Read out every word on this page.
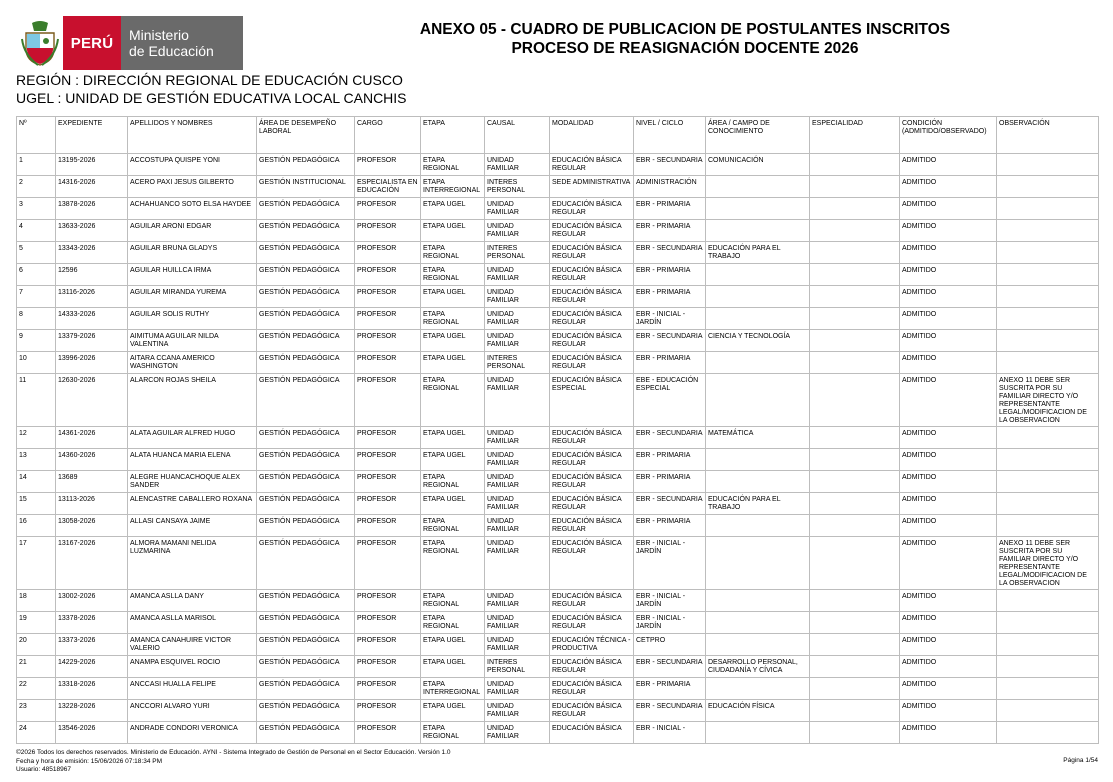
PERÚ	Ministerio
de Educación
ANEXO 05 - CUADRO DE PUBLICACION DE POSTULANTES INSCRITOS
PROCESO DE REASIGNACIÓN DOCENTE 2026
REGIÓN : DIRECCIÓN REGIONAL DE EDUCACIÓN CUSCO
UGEL : UNIDAD DE GESTIÓN EDUCATIVA LOCAL CANCHIS
Nº	EXPEDIENTE	APELLIDOS Y NOMBRES	ÁREA DE DESEMPEÑO LABORAL	CARGO	ETAPA	CAUSAL	MODALIDAD	NIVEL / CICLO	ÁREA / CAMPO DE CONOCIMIENTO	ESPECIALIDAD	CONDICIÓN (ADMITIDO/OBSERVADO)	OBSERVACIÓN
1	13195-2026	ACCOSTUPA QUISPE YONI	GESTIÓN PEDAGÓGICA	PROFESOR	ETAPA REGIONAL	UNIDAD FAMILIAR	EDUCACIÓN BÁSICA REGULAR	EBR - SECUNDARIA	COMUNICACIÓN		ADMITIDO	
2	14316-2026	ACERO PAXI JESUS GILBERTO	GESTIÓN INSTITUCIONAL	ESPECIALISTA EN EDUCACIÓN	ETAPA INTERREGIONAL	INTERES PERSONAL	SEDE ADMINISTRATIVA	ADMINISTRACIÓN			ADMITIDO	
3	13878-2026	ACHAHUANCO SOTO ELSA HAYDEE	GESTIÓN PEDAGÓGICA	PROFESOR	ETAPA UGEL	UNIDAD FAMILIAR	EDUCACIÓN BÁSICA REGULAR	EBR - PRIMARIA			ADMITIDO	
4	13633-2026	AGUILAR ARONI EDGAR	GESTIÓN PEDAGÓGICA	PROFESOR	ETAPA UGEL	UNIDAD FAMILIAR	EDUCACIÓN BÁSICA REGULAR	EBR - PRIMARIA			ADMITIDO	
5	13343-2026	AGUILAR BRUNA GLADYS	GESTIÓN PEDAGÓGICA	PROFESOR	ETAPA REGIONAL	INTERES PERSONAL	EDUCACIÓN BÁSICA REGULAR	EBR - SECUNDARIA	EDUCACIÓN PARA EL TRABAJO		ADMITIDO	
6	12596	AGUILAR HUILLCA IRMA	GESTIÓN PEDAGÓGICA	PROFESOR	ETAPA REGIONAL	UNIDAD FAMILIAR	EDUCACIÓN BÁSICA REGULAR	EBR - PRIMARIA			ADMITIDO	
7	13116-2026	AGUILAR MIRANDA YUREMA	GESTIÓN PEDAGÓGICA	PROFESOR	ETAPA UGEL	UNIDAD FAMILIAR	EDUCACIÓN BÁSICA REGULAR	EBR - PRIMARIA			ADMITIDO	
8	14333-2026	AGUILAR SOLIS RUTHY	GESTIÓN PEDAGÓGICA	PROFESOR	ETAPA REGIONAL	UNIDAD FAMILIAR	EDUCACIÓN BÁSICA REGULAR	EBR - INICIAL - JARDÍN			ADMITIDO	
9	13379-2026	AIMITUMA AGUILAR NILDA VALENTINA	GESTIÓN PEDAGÓGICA	PROFESOR	ETAPA UGEL	UNIDAD FAMILIAR	EDUCACIÓN BÁSICA REGULAR	EBR - SECUNDARIA	CIENCIA Y TECNOLOGÍA		ADMITIDO	
10	13996-2026	AITARA CCANA AMERICO WASHINGTON	GESTIÓN PEDAGÓGICA	PROFESOR	ETAPA UGEL	INTERES PERSONAL	EDUCACIÓN BÁSICA REGULAR	EBR - PRIMARIA			ADMITIDO	
11	12630-2026	ALARCON ROJAS SHEILA	GESTIÓN PEDAGÓGICA	PROFESOR	ETAPA REGIONAL	UNIDAD FAMILIAR	EDUCACIÓN BÁSICA ESPECIAL	EBE - EDUCACIÓN ESPECIAL			ADMITIDO	ANEXO 11 DEBE SER SUSCRITA POR SU FAMILIAR DIRECTO Y/O REPRESENTANTE LEGAL/MODIFICACION DE LA OBSERVACION
12	14361-2026	ALATA AGUILAR ALFRED HUGO	GESTIÓN PEDAGÓGICA	PROFESOR	ETAPA UGEL	UNIDAD FAMILIAR	EDUCACIÓN BÁSICA REGULAR	EBR - SECUNDARIA	MATEMÁTICA		ADMITIDO	
13	14360-2026	ALATA HUANCA MARIA ELENA	GESTIÓN PEDAGÓGICA	PROFESOR	ETAPA UGEL	UNIDAD FAMILIAR	EDUCACIÓN BÁSICA REGULAR	EBR - PRIMARIA			ADMITIDO	
14	13689	ALEGRE HUANCACHOQUE ALEX SANDER	GESTIÓN PEDAGÓGICA	PROFESOR	ETAPA REGIONAL	UNIDAD FAMILIAR	EDUCACIÓN BÁSICA REGULAR	EBR - PRIMARIA			ADMITIDO	
15	13113-2026	ALENCASTRE CABALLERO ROXANA	GESTIÓN PEDAGÓGICA	PROFESOR	ETAPA UGEL	UNIDAD FAMILIAR	EDUCACIÓN BÁSICA REGULAR	EBR - SECUNDARIA	EDUCACIÓN PARA EL TRABAJO		ADMITIDO	
16	13058-2026	ALLASI CANSAYA JAIME	GESTIÓN PEDAGÓGICA	PROFESOR	ETAPA REGIONAL	UNIDAD FAMILIAR	EDUCACIÓN BÁSICA REGULAR	EBR - PRIMARIA			ADMITIDO	
17	13167-2026	ALMORA MAMANI NELIDA LUZMARINA	GESTIÓN PEDAGÓGICA	PROFESOR	ETAPA REGIONAL	UNIDAD FAMILIAR	EDUCACIÓN BÁSICA REGULAR	EBR - INICIAL - JARDÍN			ADMITIDO	ANEXO 11 DEBE SER SUSCRITA POR SU FAMILIAR DIRECTO Y/O REPRESENTANTE LEGAL/MODIFICACION DE LA OBSERVACION
18	13002-2026	AMANCA ASLLA DANY	GESTIÓN PEDAGÓGICA	PROFESOR	ETAPA REGIONAL	UNIDAD FAMILIAR	EDUCACIÓN BÁSICA REGULAR	EBR - INICIAL - JARDÍN			ADMITIDO	
19	13378-2026	AMANCA ASLLA MARISOL	GESTIÓN PEDAGÓGICA	PROFESOR	ETAPA REGIONAL	UNIDAD FAMILIAR	EDUCACIÓN BÁSICA REGULAR	EBR - INICIAL - JARDÍN			ADMITIDO	
20	13373-2026	AMANCA CANAHUIRE VICTOR VALERIO	GESTIÓN PEDAGÓGICA	PROFESOR	ETAPA UGEL	UNIDAD FAMILIAR	EDUCACIÓN TÉCNICA - PRODUCTIVA	CETPRO			ADMITIDO	
21	14229-2026	ANAMPA ESQUIVEL ROCIO	GESTIÓN PEDAGÓGICA	PROFESOR	ETAPA UGEL	INTERES PERSONAL	EDUCACIÓN BÁSICA REGULAR	EBR - SECUNDARIA	DESARROLLO PERSONAL, CIUDADANÍA Y CÍVICA		ADMITIDO	
22	13318-2026	ANCCASI HUALLA FELIPE	GESTIÓN PEDAGÓGICA	PROFESOR	ETAPA INTERREGIONAL	UNIDAD FAMILIAR	EDUCACIÓN BÁSICA REGULAR	EBR - PRIMARIA			ADMITIDO	
23	13228-2026	ANCCORI ALVARO YURI	GESTIÓN PEDAGÓGICA	PROFESOR	ETAPA UGEL	UNIDAD FAMILIAR	EDUCACIÓN BÁSICA REGULAR	EBR - SECUNDARIA	EDUCACIÓN FÍSICA		ADMITIDO	
24	13546-2026	ANDRADE CONDORI VERONICA	GESTIÓN PEDAGÓGICA	PROFESOR	ETAPA REGIONAL	UNIDAD FAMILIAR	EDUCACIÓN BÁSICA	EBR - INICIAL -			ADMITIDO	
©2026 Todos los derechos reservados. Ministerio de Educación. AYNI - Sistema Integrado de Gestión de Personal en el Sector Educación. Versión 1.0
Fecha y hora de emisión: 15/06/2026 07:18:34 PM
Usuario: 48518967
Página 1/54
